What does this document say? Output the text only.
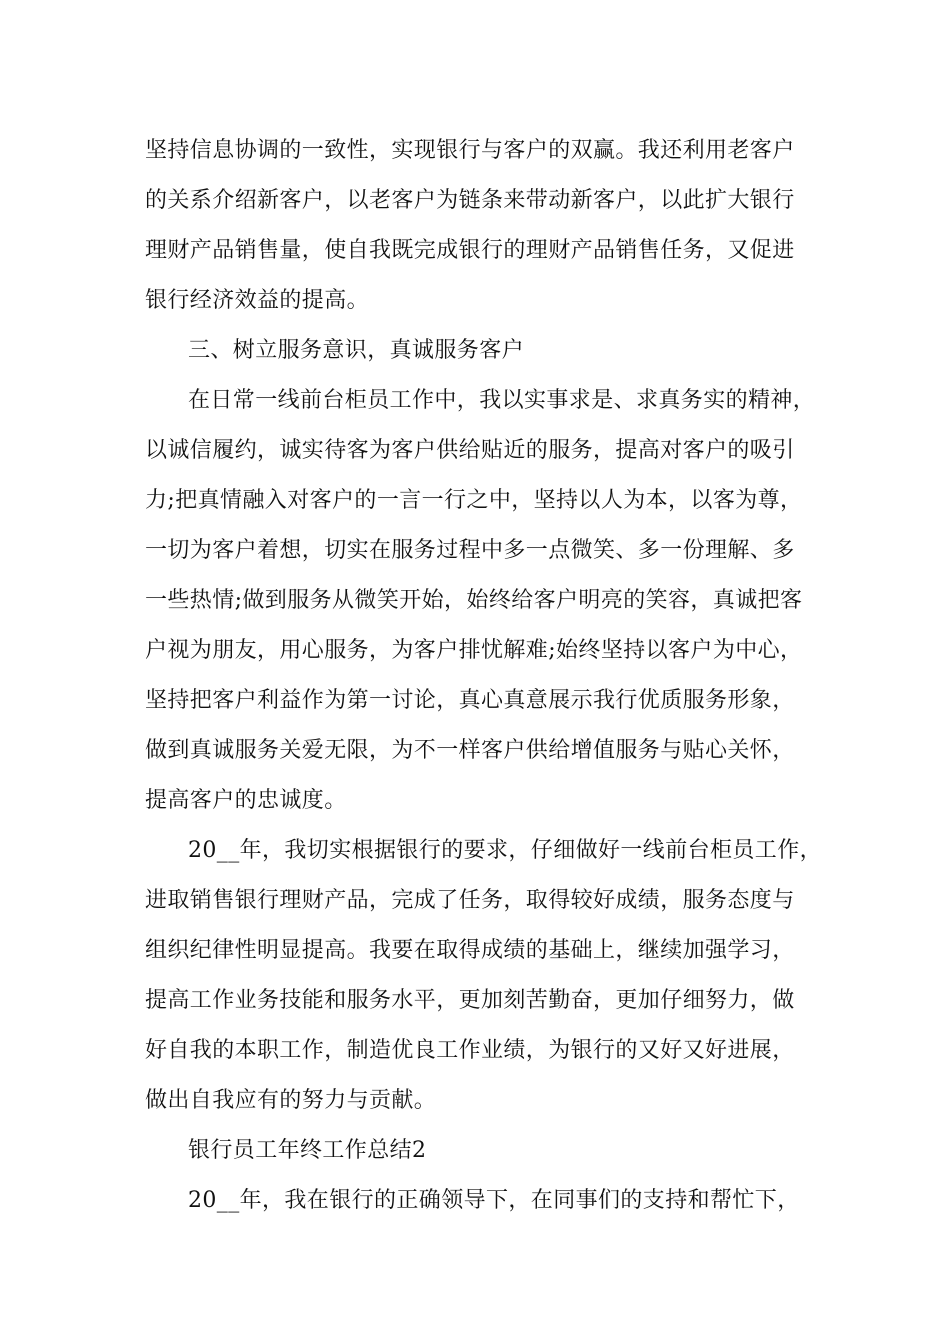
坚持信息协调的一致性，实现银行与客户的双赢。我还利用老客户
的关系介绍新客户，以老客户为链条来带动新客户，以此扩大银行
理财产品销售量，使自我既完成银行的理财产品销售任务，又促进
银行经济效益的提高。
三、树立服务意识，真诚服务客户
在日常一线前台柜员工作中，我以实事求是、求真务实的精神，
以诚信履约，诚实待客为客户供给贴近的服务，提高对客户的吸引
力;把真情融入对客户的一言一行之中，坚持以人为本，以客为尊，
一切为客户着想，切实在服务过程中多一点微笑、多一份理解、多
一些热情;做到服务从微笑开始，始终给客户明亮的笑容，真诚把客
户视为朋友，用心服务，为客户排忧解难;始终坚持以客户为中心，
坚持把客户利益作为第一讨论，真心真意展示我行优质服务形象，
做到真诚服务关爱无限，为不一样客户供给增值服务与贴心关怀，
提高客户的忠诚度。
20__年，我切实根据银行的要求，仔细做好一线前台柜员工作，
进取销售银行理财产品，完成了任务，取得较好成绩，服务态度与
组织纪律性明显提高。我要在取得成绩的基础上，继续加强学习，
提高工作业务技能和服务水平，更加刻苦勤奋，更加仔细努力，做
好自我的本职工作，制造优良工作业绩，为银行的又好又好进展，
做出自我应有的努力与贡献。
银行员工年终工作总结2
20__年，我在银行的正确领导下，在同事们的支持和帮忙下，
